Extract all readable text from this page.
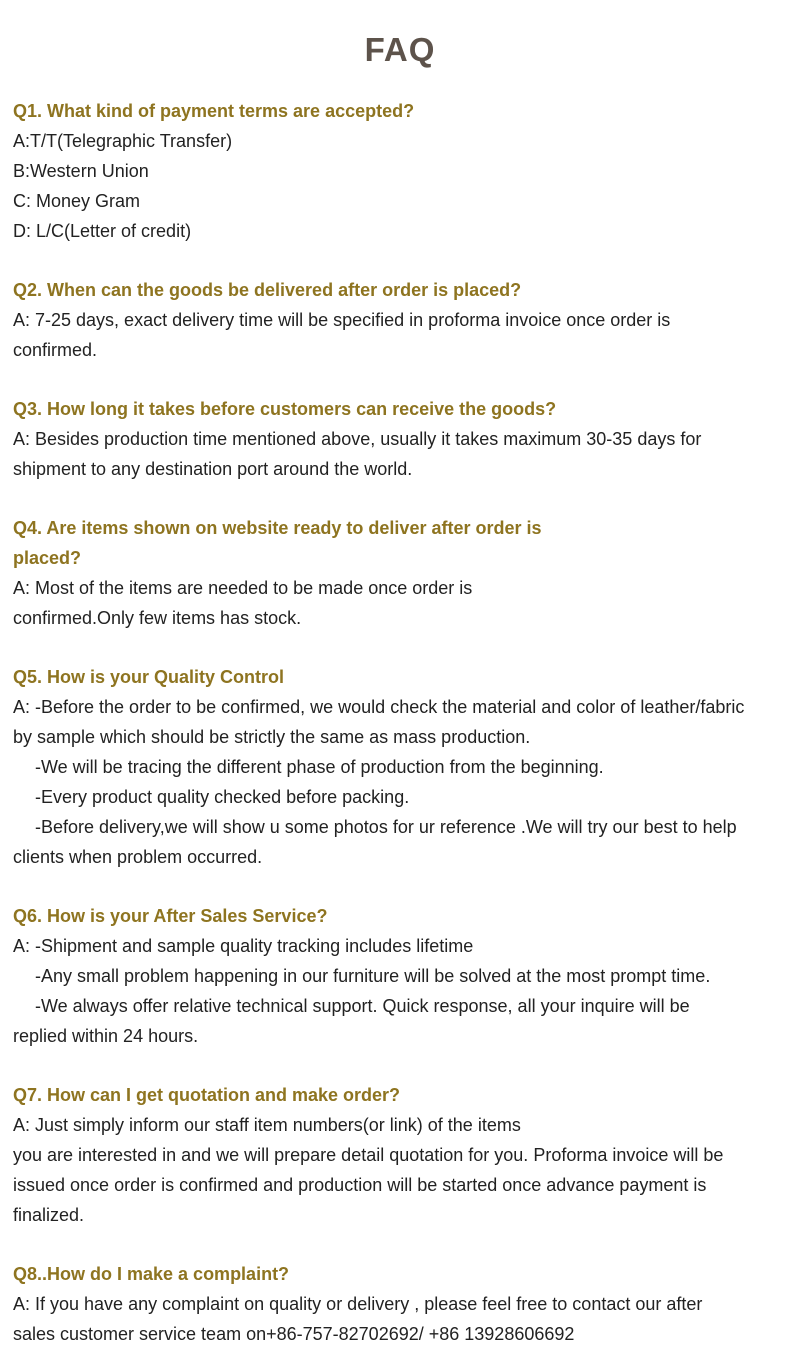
FAQ
Q1. What kind of payment terms are accepted?
A:T/T(Telegraphic Transfer)
B:Western Union
C: Money Gram
D: L/C(Letter of credit)
Q2. When can the goods be delivered after order is placed?
A: 7-25 days, exact delivery time will be specified in proforma invoice once order is
confirmed.
Q3. How long it takes before customers can receive the goods?
A: Besides production time mentioned above, usually it takes maximum 30-35 days for
shipment to any destination port around the world.
Q4. Are items shown on website ready to deliver after order is
placed?
A: Most of the items are needed to be made once order is
confirmed.Only few items has stock.
Q5. How is your Quality Control
A: -Before the order to be confirmed, we would check the material and color of leather/fabric
by sample which should be strictly the same as mass production.
-We will be tracing the different phase of production from the beginning.
-Every product quality checked before packing.
-Before delivery,we will show u some photos for ur reference .We will try our best to help
clients when problem occurred.
Q6. How is your After Sales Service?
A: -Shipment and sample quality tracking includes lifetime
-Any small problem happening in our furniture will be solved at the most prompt time.
-We always offer relative technical support. Quick response, all your inquire will be
replied within 24 hours.
Q7. How can I get quotation and make order?
A: Just simply inform our staff item numbers(or link) of the items
you are interested in and we will prepare detail quotation for you. Proforma invoice will be
issued once order is confirmed and production will be started once advance payment is
finalized.
Q8..How do I make a complaint?
A: If you have any complaint on quality or delivery , please feel free to contact our after
sales customer service team on+86-757-82702692/ +86 13928606692
